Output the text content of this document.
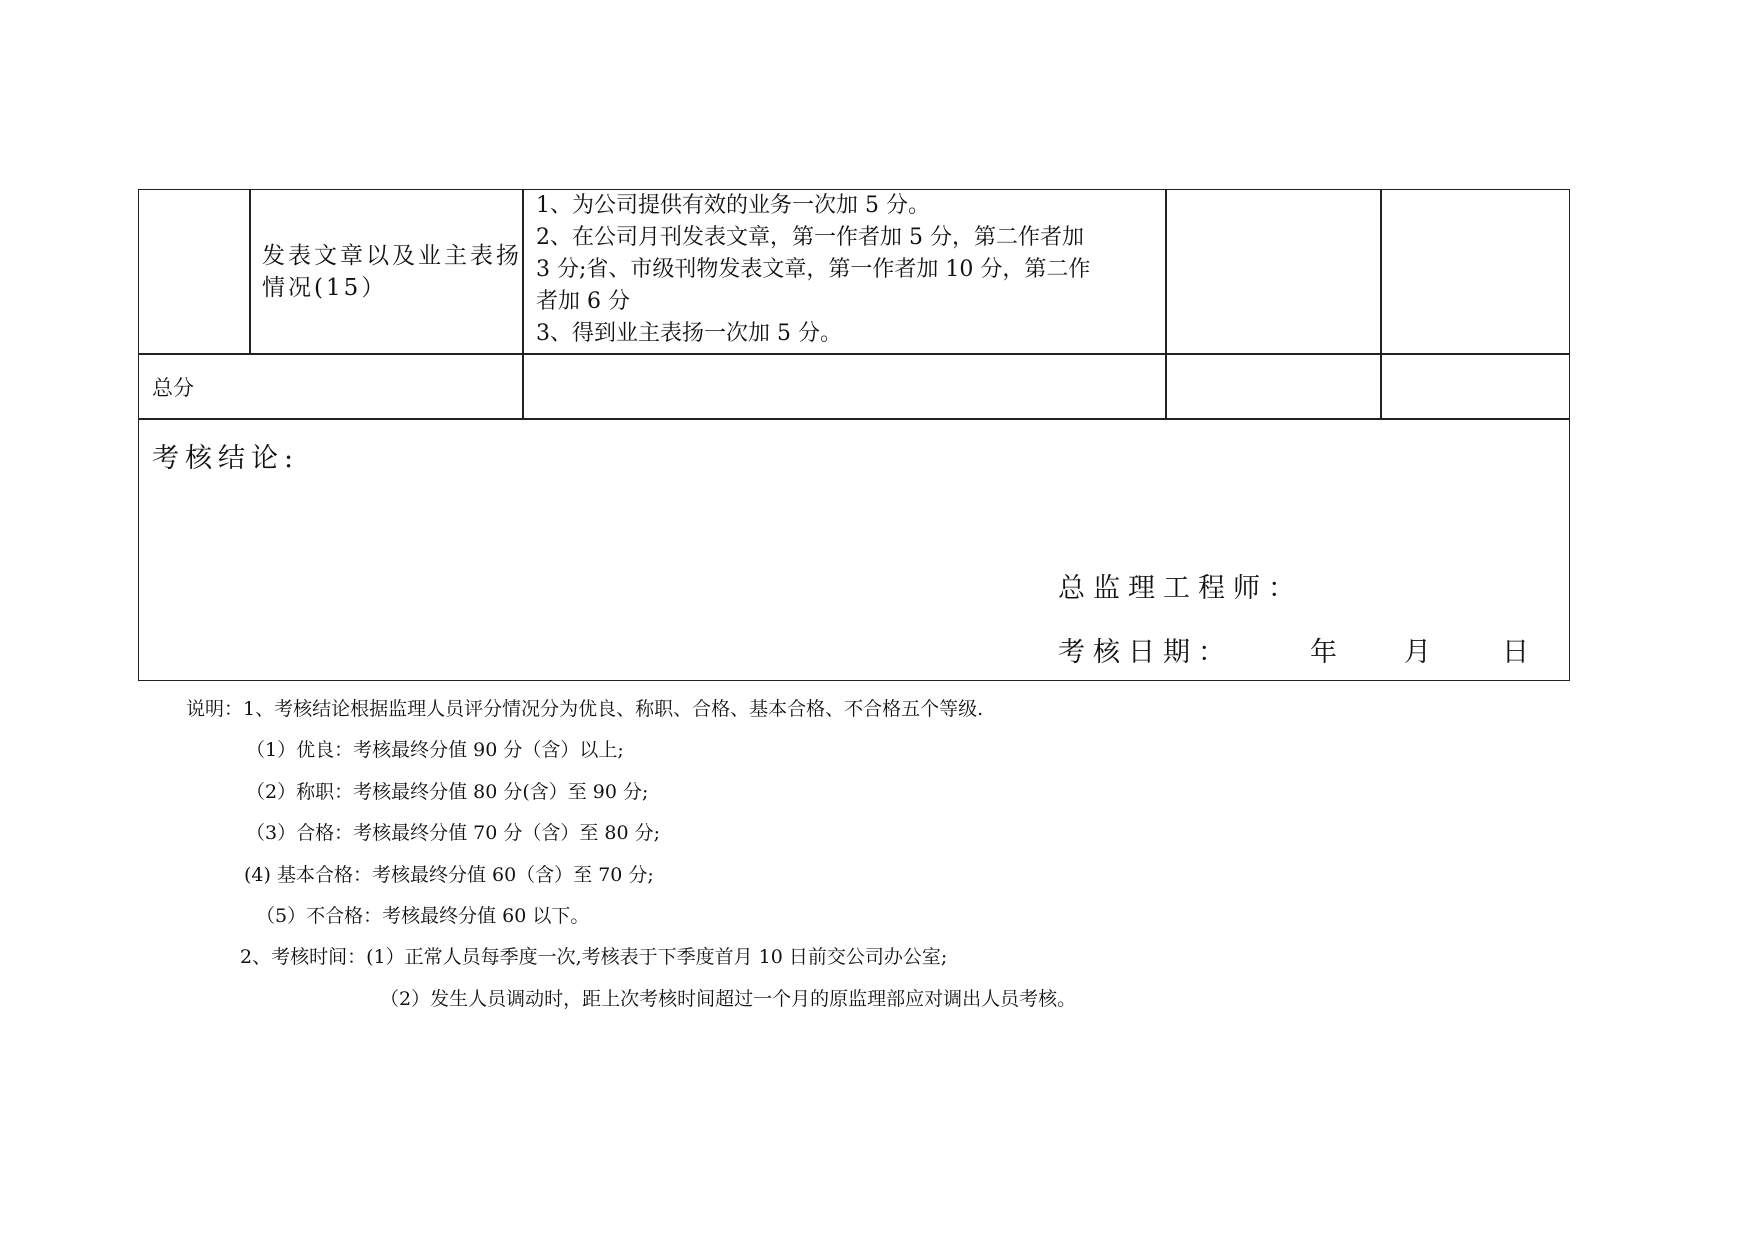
发表文章以及业主表扬情况(15）
1、为公司提供有效的业务一次加 5 分。
2、在公司月刊发表文章，第一作者加 5 分，第二作者加
3 分;省、市级刊物发表文章，第一作者加 10 分，第二作
者加 6 分
3、得到业主表扬一次加 5 分。
总分
考核结论:
总监理工程师：
考核日期：	年 月 日
说明：1、考核结论根据监理人员评分情况分为优良、称职、合格、基本合格、不合格五个等级.
（1）优良：考核最终分值 90 分（含）以上;
（2）称职：考核最终分值 80 分(含）至 90 分;
（3）合格：考核最终分值 70 分（含）至 80 分;
(4) 基本合格：考核最终分值 60（含）至 70 分;
（5）不合格：考核最终分值 60 以下。
2、考核时间：(1）正常人员每季度一次,考核表于下季度首月 10 日前交公司办公室;
（2）发生人员调动时，距上次考核时间超过一个月的原监理部应对调出人员考核。
